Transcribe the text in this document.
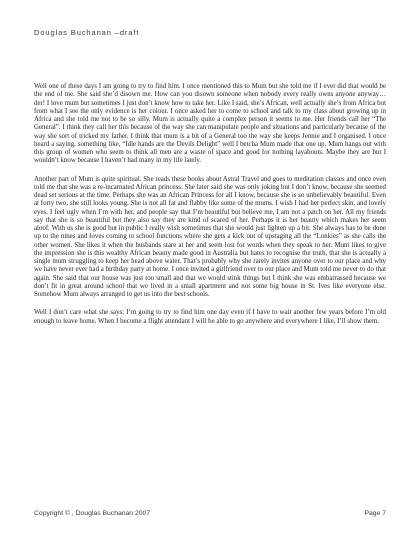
Douglas Buchanan –draft

Well one of these days I am going to try to find him. I once mentioned this to Mum but she told me if I ever did that would be the end of me. She said she’d disown me. How can you disown someone when nobody every really owns anyone anyway…der! I love mum but sometimes I just don’t know how to take her. Like I said, she’s African, well actually she’s from Africa but from what I see the only evidence is her colour. I once asked her to come to school and talk to my class about growing up in Africa and she told me not to be so silly. Mum is actually quite a complex person it seems to me. Her friends call her “The General”. I think they call her this because of the way she can manipulate people and situations and particularly because of the way she sort of tricked my father. I think that mum is a bit of a General too the way she keeps Jennie and I organised. I once heard a saying, something like, “Idle hands are the Devils Delight” well I betcha Mum made that one up. Mum hangs out with this group of women who seem to think all men are a waste of space and good for nothing layabouts. Maybe they are but I wouldn’t know because I haven’t had many in my life lately.

Another part of Mum is quite spiritual. She reads these books about Astral Travel and goes to meditation classes and once even told me that she was a re-incarnated African princess. She later said she was only joking but I don’t know, because she seemed dead set serious at the time. Perhaps she was an African Princess for all I know, because she is so unbelievably beautiful. Even at forty two, she still looks young. She is not all fat and flabby like some of the mums. I wish I had her perfect skin, and lovely eyes. I feel ugly when I’m with her, and people say that I’m beautiful but believe me, I am not a patch on her. All my friends say that she is so beautiful but they also say they are kind of scared of her. Perhaps it is her beauty which makes her seem aloof. With us she is good but in public I really wish sometimes that she would just lighten up a bit. She always has to be done up to the nines and loves coming to school functions where she gets a kick out of upstaging all the “Lonkies” as she calls the other women. She likes it when the husbands stare at her and seem lost for words when they speak to her. Mum likes to give the impression she is this wealthy African beauty made good in Australia but hates to recognise the truth, that she is actually a single mum struggling to keep her head above water. That’s probably why she rarely invites anyone over to our place and why we have never ever had a birthday party at home. I once invited a girlfriend over to our place and Mum told me never to do that again. She said that our house was just too small and that we would stink things but I think she was embarrassed because we don’t fit in great around school that we lived in a small apartment and not some big house in St. Ives like everyone else. Somehow Mum always arranged to get us into the best schools.

Well I don’t care what she says; I’m going to try to find him one day even if I have to wait another few years before I’m old enough to leave home. When I become a flight attendant I will be able to go anywhere and everywhere I like, I’ll show them.

Copyright © , Douglas Buchanan 2007	Page 7
